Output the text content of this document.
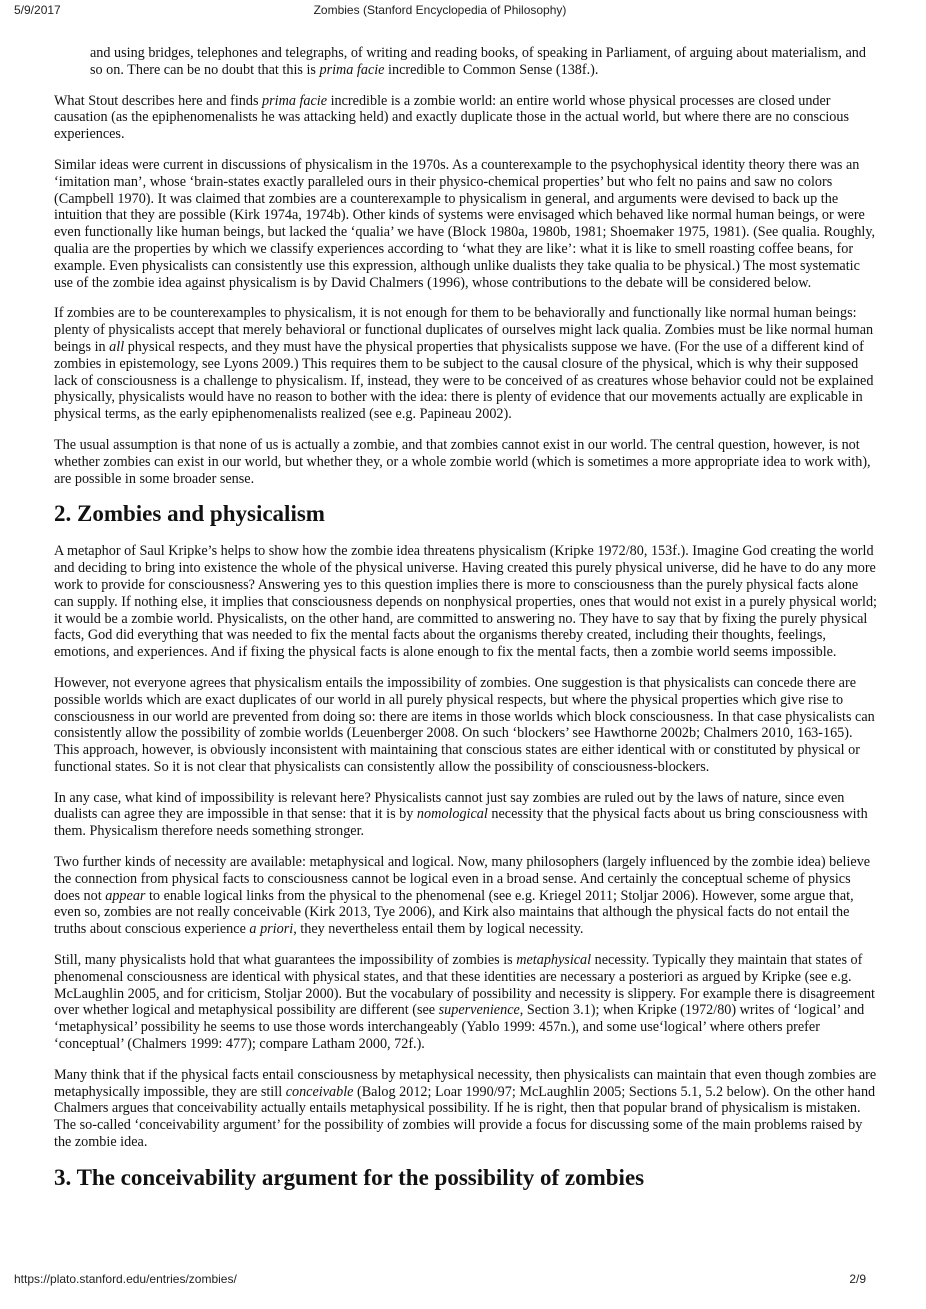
5/9/2017	Zombies (Stanford Encyclopedia of Philosophy)
and using bridges, telephones and telegraphs, of writing and reading books, of speaking in Parliament, of arguing about materialism, and so on. There can be no doubt that this is prima facie incredible to Common Sense (138f.).

What Stout describes here and finds prima facie incredible is a zombie world: an entire world whose physical processes are closed under causation (as the epiphenomenalists he was attacking held) and exactly duplicate those in the actual world, but where there are no conscious experiences.

Similar ideas were current in discussions of physicalism in the 1970s. As a counterexample to the psychophysical identity theory there was an ‘imitation man’, whose ‘brain-states exactly paralleled ours in their physico-chemical properties’ but who felt no pains and saw no colors (Campbell 1970). It was claimed that zombies are a counterexample to physicalism in general, and arguments were devised to back up the intuition that they are possible (Kirk 1974a, 1974b). Other kinds of systems were envisaged which behaved like normal human beings, or were even functionally like human beings, but lacked the ‘qualia’ we have (Block 1980a, 1980b, 1981; Shoemaker 1975, 1981). (See qualia. Roughly, qualia are the properties by which we classify experiences according to ‘what they are like’: what it is like to smell roasting coffee beans, for example. Even physicalists can consistently use this expression, although unlike dualists they take qualia to be physical.) The most systematic use of the zombie idea against physicalism is by David Chalmers (1996), whose contributions to the debate will be considered below.

If zombies are to be counterexamples to physicalism, it is not enough for them to be behaviorally and functionally like normal human beings: plenty of physicalists accept that merely behavioral or functional duplicates of ourselves might lack qualia. Zombies must be like normal human beings in all physical respects, and they must have the physical properties that physicalists suppose we have. (For the use of a different kind of zombies in epistemology, see Lyons 2009.) This requires them to be subject to the causal closure of the physical, which is why their supposed lack of consciousness is a challenge to physicalism. If, instead, they were to be conceived of as creatures whose behavior could not be explained physically, physicalists would have no reason to bother with the idea: there is plenty of evidence that our movements actually are explicable in physical terms, as the early epiphenomenalists realized (see e.g. Papineau 2002).

The usual assumption is that none of us is actually a zombie, and that zombies cannot exist in our world. The central question, however, is not whether zombies can exist in our world, but whether they, or a whole zombie world (which is sometimes a more appropriate idea to work with), are possible in some broader sense.

2. Zombies and physicalism

A metaphor of Saul Kripke’s helps to show how the zombie idea threatens physicalism (Kripke 1972/80, 153f.). Imagine God creating the world and deciding to bring into existence the whole of the physical universe. Having created this purely physical universe, did he have to do any more work to provide for consciousness? Answering yes to this question implies there is more to consciousness than the purely physical facts alone can supply. If nothing else, it implies that consciousness depends on nonphysical properties, ones that would not exist in a purely physical world; it would be a zombie world. Physicalists, on the other hand, are committed to answering no. They have to say that by fixing the purely physical facts, God did everything that was needed to fix the mental facts about the organisms thereby created, including their thoughts, feelings, emotions, and experiences. And if fixing the physical facts is alone enough to fix the mental facts, then a zombie world seems impossible.

However, not everyone agrees that physicalism entails the impossibility of zombies. One suggestion is that physicalists can concede there are possible worlds which are exact duplicates of our world in all purely physical respects, but where the physical properties which give rise to consciousness in our world are prevented from doing so: there are items in those worlds which block consciousness. In that case physicalists can consistently allow the possibility of zombie worlds (Leuenberger 2008. On such ‘blockers’ see Hawthorne 2002b; Chalmers 2010, 163-165). This approach, however, is obviously inconsistent with maintaining that conscious states are either identical with or constituted by physical or functional states. So it is not clear that physicalists can consistently allow the possibility of consciousness-blockers.

In any case, what kind of impossibility is relevant here? Physicalists cannot just say zombies are ruled out by the laws of nature, since even dualists can agree they are impossible in that sense: that it is by nomological necessity that the physical facts about us bring consciousness with them. Physicalism therefore needs something stronger.

Two further kinds of necessity are available: metaphysical and logical. Now, many philosophers (largely influenced by the zombie idea) believe the connection from physical facts to consciousness cannot be logical even in a broad sense. And certainly the conceptual scheme of physics does not appear to enable logical links from the physical to the phenomenal (see e.g. Kriegel 2011; Stoljar 2006). However, some argue that, even so, zombies are not really conceivable (Kirk 2013, Tye 2006), and Kirk also maintains that although the physical facts do not entail the truths about conscious experience a priori, they nevertheless entail them by logical necessity.

Still, many physicalists hold that what guarantees the impossibility of zombies is metaphysical necessity. Typically they maintain that states of phenomenal consciousness are identical with physical states, and that these identities are necessary a posteriori as argued by Kripke (see e.g. McLaughlin 2005, and for criticism, Stoljar 2000). But the vocabulary of possibility and necessity is slippery. For example there is disagreement over whether logical and metaphysical possibility are different (see supervenience, Section 3.1); when Kripke (1972/80) writes of ‘logical’ and ‘metaphysical’ possibility he seems to use those words interchangeably (Yablo 1999: 457n.), and some use‘logical’ where others prefer ‘conceptual’ (Chalmers 1999: 477); compare Latham 2000, 72f.).

Many think that if the physical facts entail consciousness by metaphysical necessity, then physicalists can maintain that even though zombies are metaphysically impossible, they are still conceivable (Balog 2012; Loar 1990/97; McLaughlin 2005; Sections 5.1, 5.2 below). On the other hand Chalmers argues that conceivability actually entails metaphysical possibility. If he is right, then that popular brand of physicalism is mistaken. The so-called ‘conceivability argument’ for the possibility of zombies will provide a focus for discussing some of the main problems raised by the zombie idea.

3. The conceivability argument for the possibility of zombies
https://plato.stanford.edu/entries/zombies/	2/9
